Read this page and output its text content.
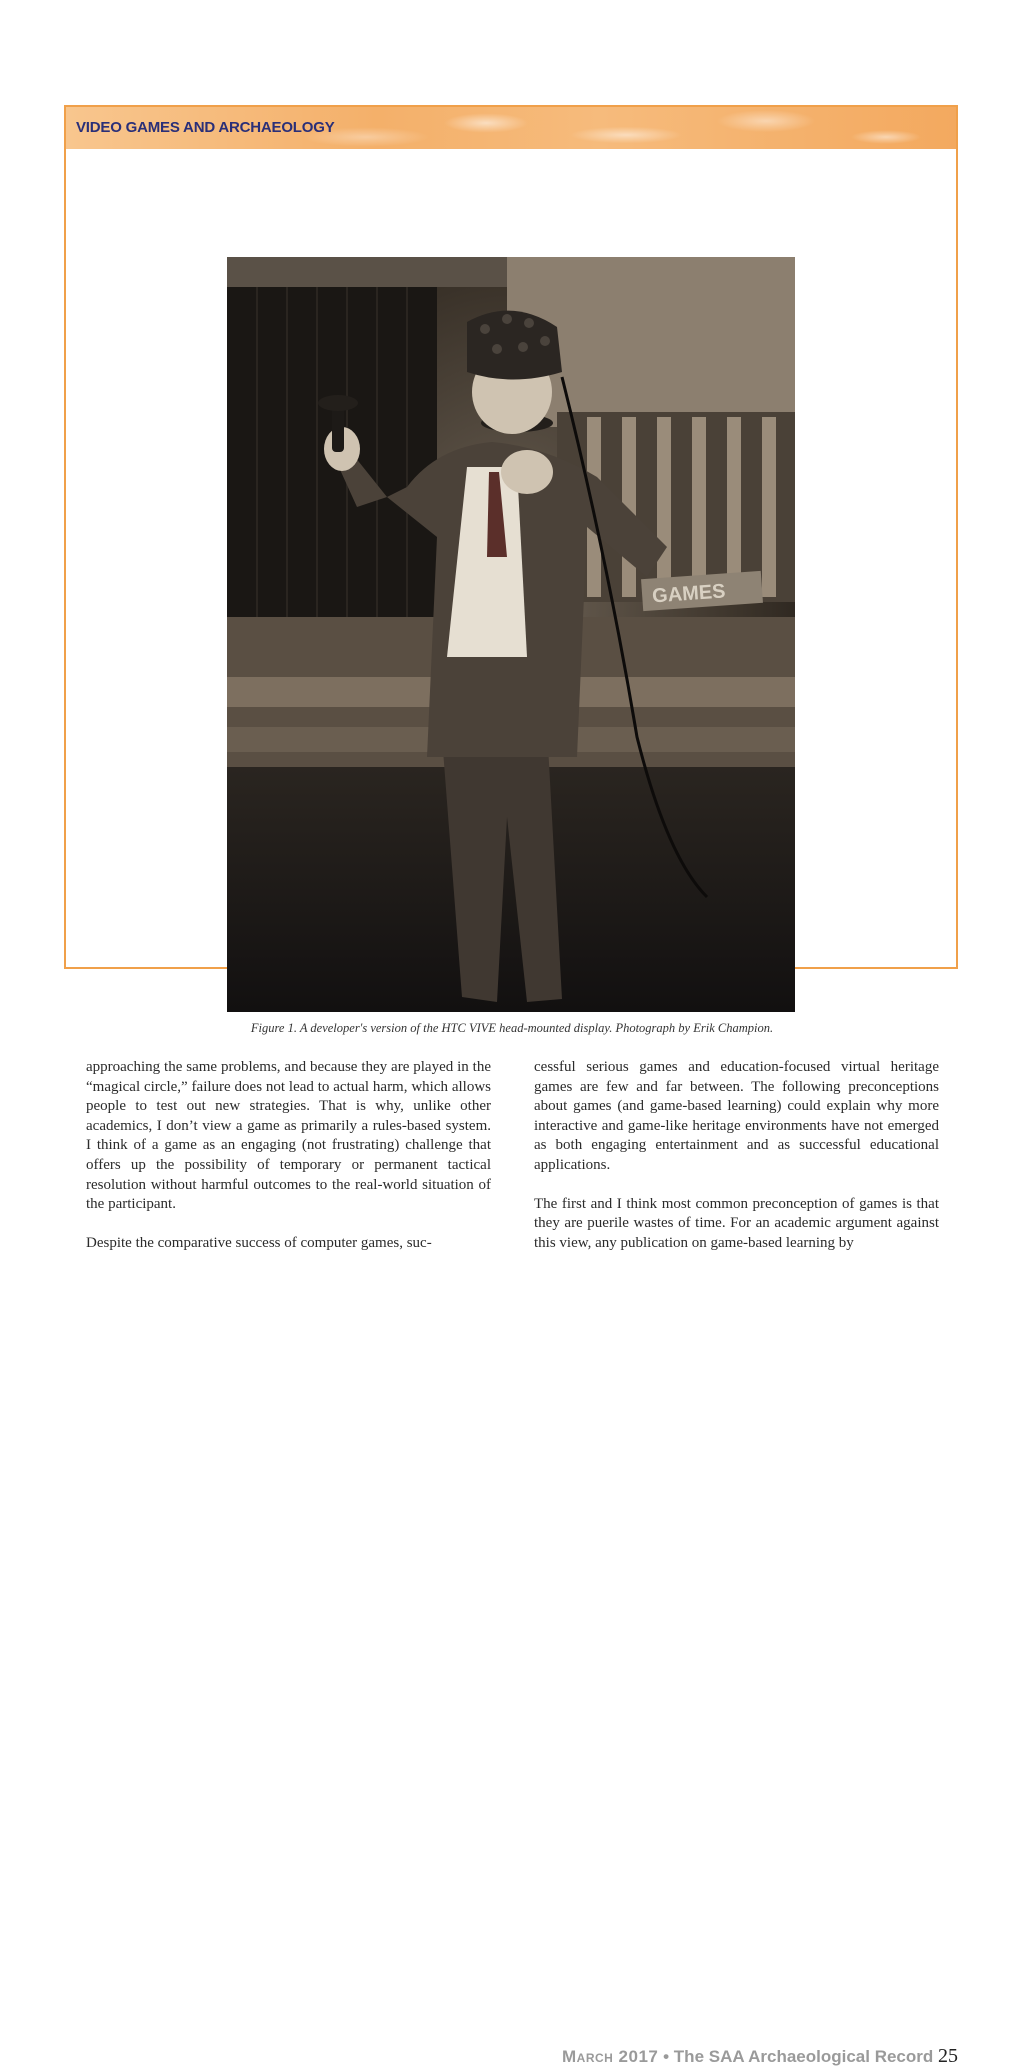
VIDEO GAMES AND ARCHAEOLOGY
GAMES
Figure 1. A developer's version of the HTC VIVE head-mounted display. Photograph by Erik Champion.

approaching the same problems, and because they are played in the “magical circle,” failure does not lead to actual harm, which allows people to test out new strategies. That is why, unlike other academics, I don’t view a game as primarily a rules-based system. I think of a game as an engaging (not frustrating) challenge that offers up the possibility of temporary or permanent tactical resolution without harmful outcomes to the real-world situation of the participant.

Despite the comparative success of computer games, suc-

cessful serious games and education-focused virtual heritage games are few and far between. The following preconceptions about games (and game-based learning) could explain why more interactive and game-like heritage environments have not emerged as both engaging entertainment and as successful educational applications.

The first and I think most common preconception of games is that they are puerile wastes of time. For an academic argument against this view, any publication on game-based learning by

March 2017 • The SAA Archaeological Record 25
